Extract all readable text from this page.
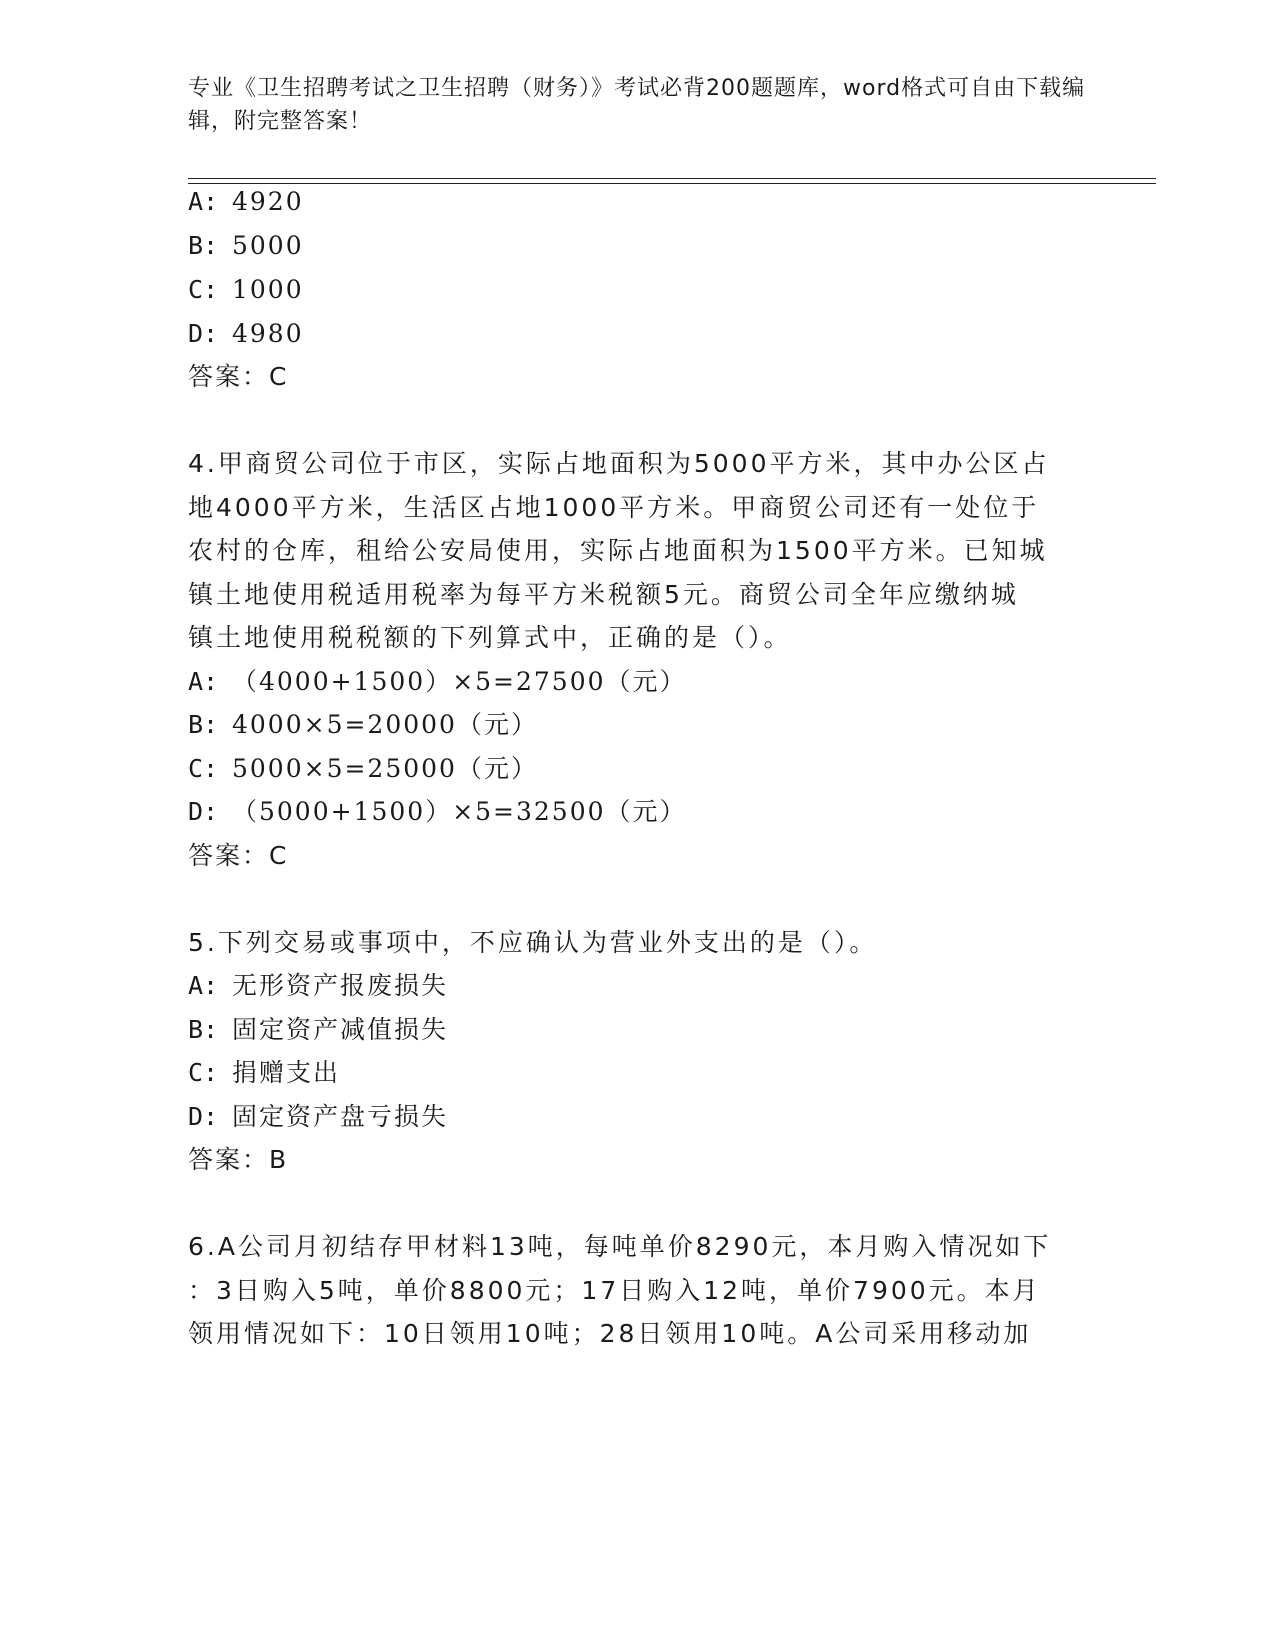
专业《卫生招聘考试之卫生招聘（财务）》考试必背200题题库，word格式可自由下载编辑，附完整答案！
A: 4920
B: 5000
C: 1000
D: 4980
答案：C
4.甲商贸公司位于市区，实际占地面积为5000平方米，其中办公区占
地4000平方米，生活区占地1000平方米。甲商贸公司还有一处位于
农村的仓库，租给公安局使用，实际占地面积为1500平方米。已知城
镇土地使用税适用税率为每平方米税额5元。商贸公司全年应缴纳城
镇土地使用税税额的下列算式中，正确的是（）。
A: （4000+1500）×5=27500（元）
B: 4000×5=20000（元）
C: 5000×5=25000（元）
D: （5000+1500）×5=32500（元）
答案：C
5.下列交易或事项中，不应确认为营业外支出的是（）。
A: 无形资产报废损失
B: 固定资产减值损失
C: 捐赠支出
D: 固定资产盘亏损失
答案：B
6.A公司月初结存甲材料13吨，每吨单价8290元，本月购入情况如下
：3日购入5吨，单价8800元；17日购入12吨，单价7900元。本月
领用情况如下：10日领用10吨；28日领用10吨。A公司采用移动加
